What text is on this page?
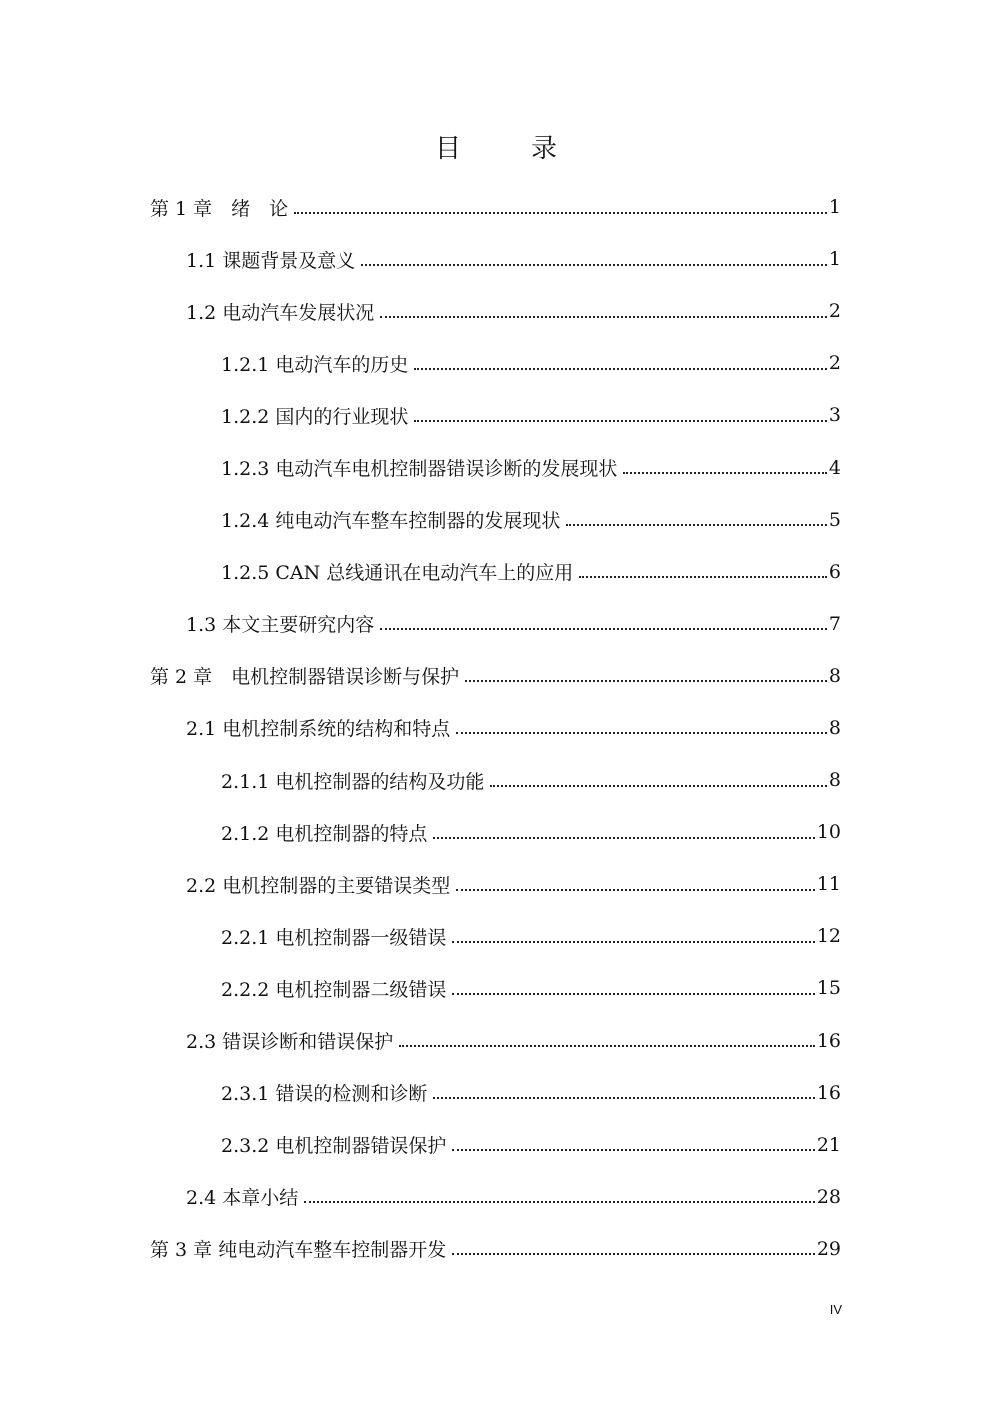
目　录
第 1 章　绪　论	1
1.1 课题背景及意义	1
1.2 电动汽车发展状况	2
1.2.1 电动汽车的历史	2
1.2.2 国内的行业现状	3
1.2.3 电动汽车电机控制器错误诊断的发展现状	4
1.2.4 纯电动汽车整车控制器的发展现状	5
1.2.5 CAN 总线通讯在电动汽车上的应用	6
1.3 本文主要研究内容	7
第 2 章　电机控制器错误诊断与保护	8
2.1 电机控制系统的结构和特点	8
2.1.1 电机控制器的结构及功能	8
2.1.2 电机控制器的特点	10
2.2 电机控制器的主要错误类型	11
2.2.1 电机控制器一级错误	12
2.2.2 电机控制器二级错误	15
2.3 错误诊断和错误保护	16
2.3.1 错误的检测和诊断	16
2.3.2 电机控制器错误保护	21
2.4 本章小结	28
第 3 章 纯电动汽车整车控制器开发	29
IV
